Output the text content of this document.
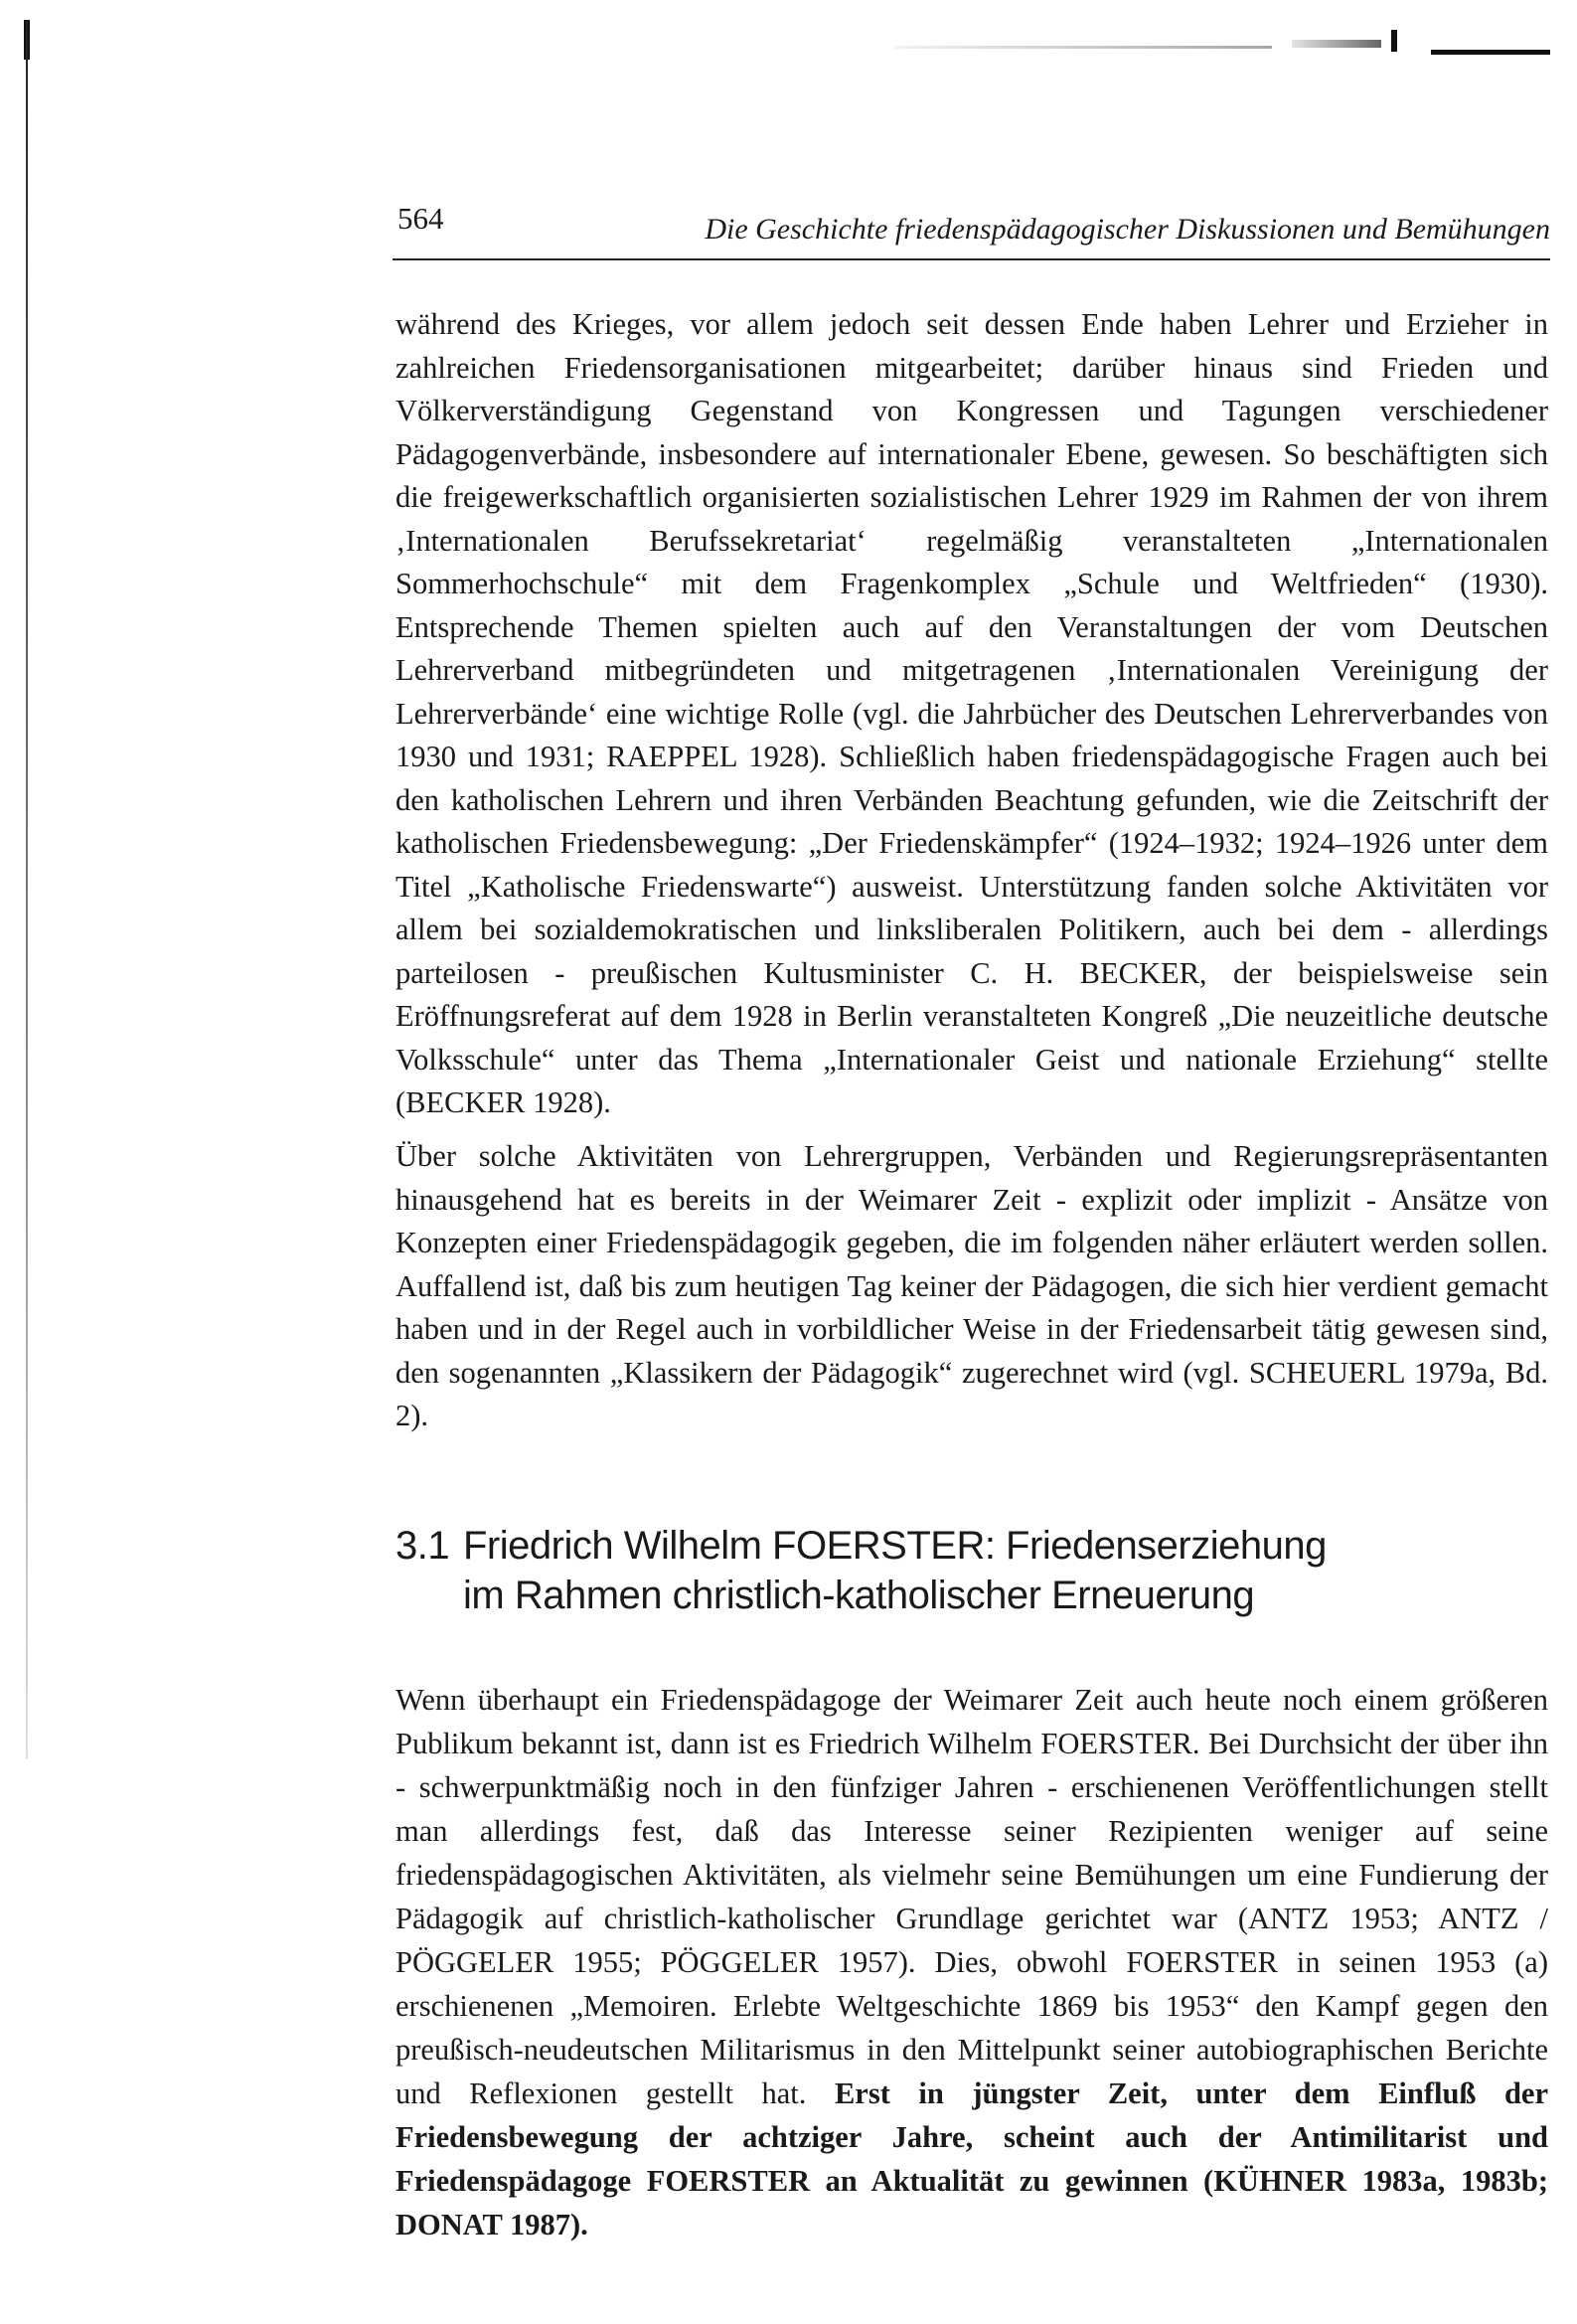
564	Die Geschichte friedenspädagogischer Diskussionen und Bemühungen

während des Krieges, vor allem jedoch seit dessen Ende haben Lehrer und Erzieher in zahlreichen Friedensorganisationen mitgearbeitet; darüber hinaus sind Frieden und Völkerverständigung Gegenstand von Kongressen und Tagungen verschiedener Pädagogenverbände, insbesondere auf internationaler Ebene, gewesen. So beschäftigten sich die freigewerkschaftlich organisierten sozialistischen Lehrer 1929 im Rahmen der von ihrem ‚Internationalen Berufssekretariat‘ regelmäßig veranstalteten „Internationalen Sommerhochschule“ mit dem Fragenkomplex „Schule und Weltfrieden“ (1930). Entsprechende Themen spielten auch auf den Veranstaltungen der vom Deutschen Lehrerverband mitbegründeten und mitgetragenen ‚Internationalen Vereinigung der Lehrerverbände‘ eine wichtige Rolle (vgl. die Jahrbücher des Deutschen Lehrerverbandes von 1930 und 1931; RAEPPEL 1928). Schließlich haben friedenspädagogische Fragen auch bei den katholischen Lehrern und ihren Verbänden Beachtung gefunden, wie die Zeitschrift der katholischen Friedensbewegung: „Der Friedenskämpfer“ (1924–1932; 1924–1926 unter dem Titel „Katholische Friedenswarte“) ausweist. Unterstützung fanden solche Aktivitäten vor allem bei sozialdemokratischen und linksliberalen Politikern, auch bei dem - allerdings parteilosen - preußischen Kultusminister C. H. BECKER, der beispielsweise sein Eröffnungsreferat auf dem 1928 in Berlin veranstalteten Kongreß „Die neuzeitliche deutsche Volksschule“ unter das Thema „Internationaler Geist und nationale Erziehung“ stellte (BECKER 1928).

Über solche Aktivitäten von Lehrergruppen, Verbänden und Regierungsrepräsentanten hinausgehend hat es bereits in der Weimarer Zeit - explizit oder implizit - Ansätze von Konzepten einer Friedenspädagogik gegeben, die im folgenden näher erläutert werden sollen. Auffallend ist, daß bis zum heutigen Tag keiner der Pädagogen, die sich hier verdient gemacht haben und in der Regel auch in vorbildlicher Weise in der Friedensarbeit tätig gewesen sind, den sogenannten „Klassikern der Pädagogik“ zugerechnet wird (vgl. SCHEUERL 1979a, Bd. 2).

3.1 Friedrich Wilhelm FOERSTER: Friedenserziehung
im Rahmen christlich-katholischer Erneuerung

Wenn überhaupt ein Friedenspädagoge der Weimarer Zeit auch heute noch einem größeren Publikum bekannt ist, dann ist es Friedrich Wilhelm FOERSTER. Bei Durchsicht der über ihn - schwerpunktmäßig noch in den fünfziger Jahren - erschienenen Veröffentlichungen stellt man allerdings fest, daß das Interesse seiner Rezipienten weniger auf seine friedenspädagogischen Aktivitäten, als vielmehr seine Bemühungen um eine Fundierung der Pädagogik auf christlich-katholischer Grundlage gerichtet war (ANTZ 1953; ANTZ / PÖGGELER 1955; PÖGGELER 1957). Dies, obwohl FOERSTER in seinen 1953 (a) erschienenen „Memoiren. Erlebte Weltgeschichte 1869 bis 1953“ den Kampf gegen den preußisch-neudeutschen Militarismus in den Mittelpunkt seiner autobiographischen Berichte und Reflexionen gestellt hat. Erst in jüngster Zeit, unter dem Einfluß der Friedensbewegung der achtziger Jahre, scheint auch der Antimilitarist und Friedenspädagoge FOERSTER an Aktualität zu gewinnen (KÜHNER 1983a, 1983b; DONAT 1987).
